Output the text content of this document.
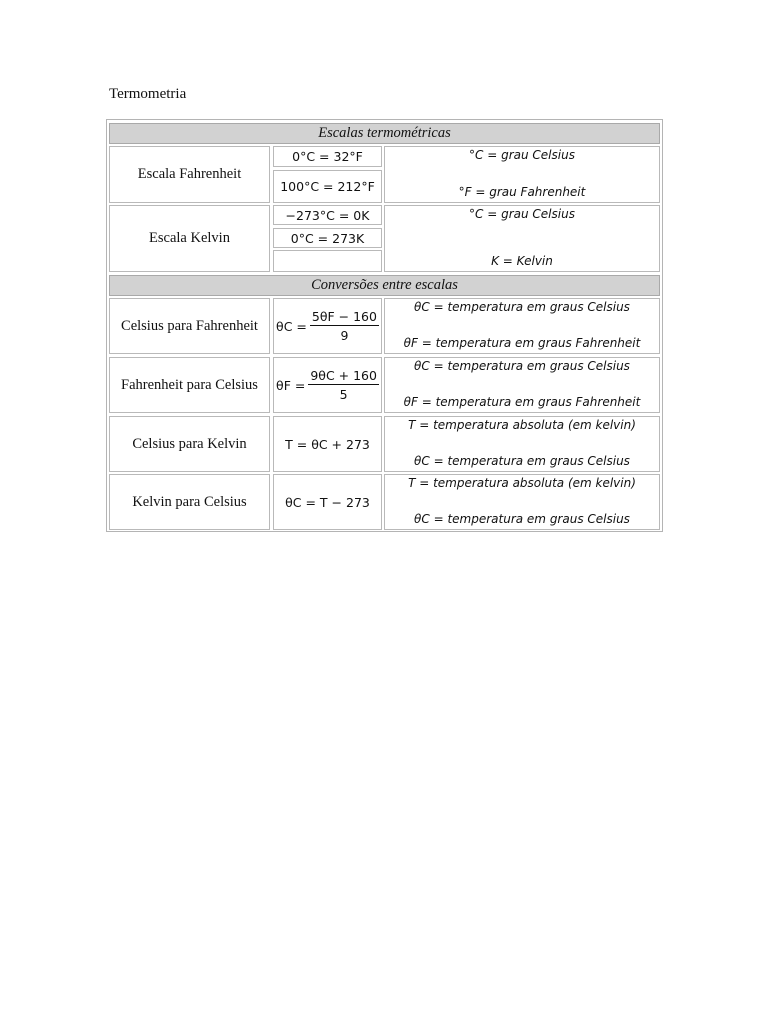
Termometria
Escalas termométricas
Escala Fahrenheit
0°C = 32°F
100°C = 212°F
°C = grau Celsius
°F = grau Fahrenheit
Escala Kelvin
−273°C = 0K
0°C = 273K
°C = grau Celsius
K = Kelvin
Conversões entre escalas
Celsius para Fahrenheit $\theta C = \frac{5\theta F - 160}{9}$
θC = temperatura em graus Celsius
θF = temperatura em graus Fahrenheit
Fahrenheit para Celsius $\theta F = \frac{9\theta C + 160}{5}$
θC = temperatura em graus Celsius
θF = temperatura em graus Fahrenheit
Celsius para Kelvin	T = θC + 273
T = temperatura absoluta (em kelvin)
θC = temperatura em graus Celsius
Kelvin para Celsius	θC = T − 273
T = temperatura absoluta (em kelvin)
θC = temperatura em graus Celsius
